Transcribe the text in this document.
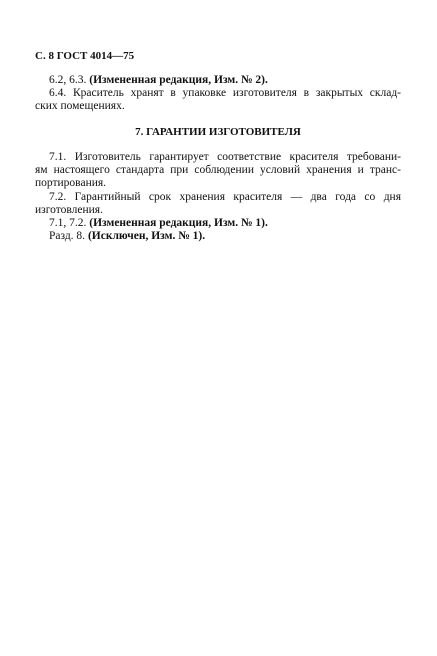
С. 8 ГОСТ 4014—75
6.2, 6.3. (Измененная редакция, Изм. № 2).
6.4. Краситель хранят в упаковке изготовителя в закрытых склад-
ских помещениях.
7. ГАРАНТИИ ИЗГОТОВИТЕЛЯ
7.1. Изготовитель гарантирует соответствие красителя требовани-
ям настоящего стандарта при соблюдении условий хранения и транс-
портирования.
7.2. Гарантийный срок хранения красителя — два года со дня
изготовления.
7.1, 7.2. (Измененная редакция, Изм. № 1).
Разд. 8. (Исключен, Изм. № 1).
